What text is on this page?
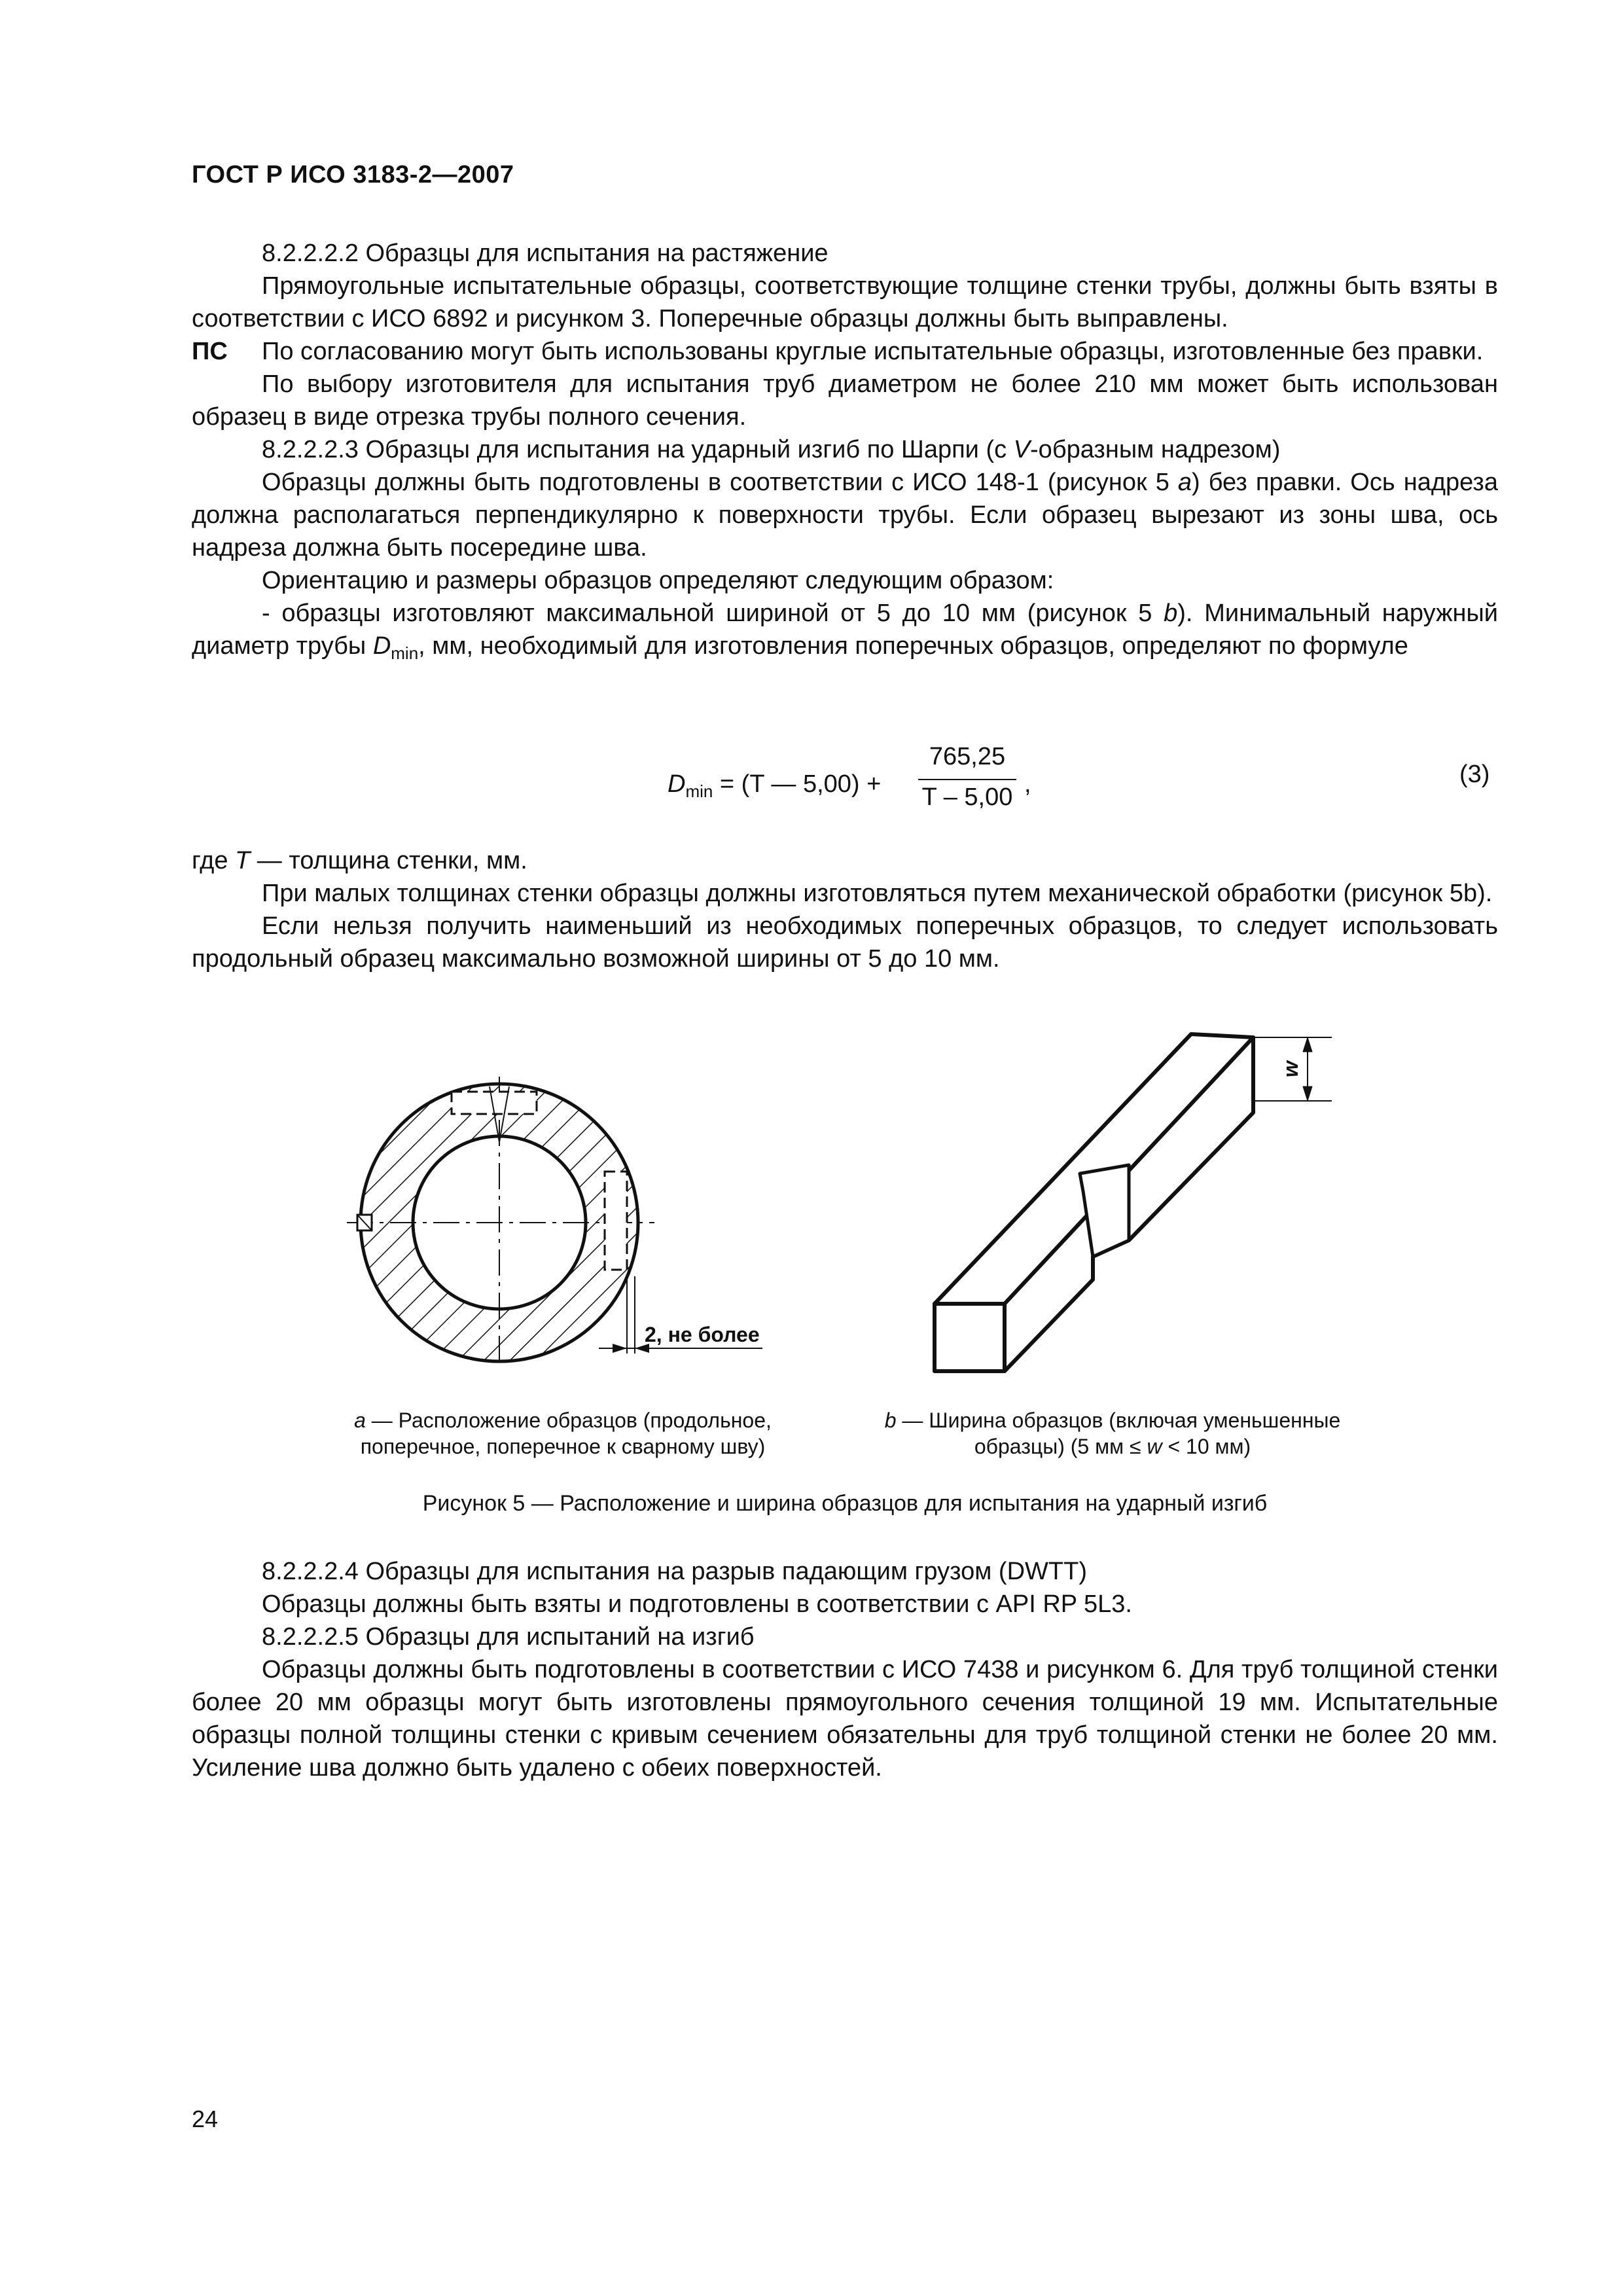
ГОСТ Р ИСО 3183-2—2007

8.2.2.2.2 Образцы для испытания на растяжение

Прямоугольные испытательные образцы, соответствующие толщине стенки трубы, должны быть взяты в соответствии с ИСО 6892 и рисунком 3. Поперечные образцы должны быть выправлены.

ПС По согласованию могут быть использованы круглые испытательные образцы, изготовленные без правки.

По выбору изготовителя для испытания труб диаметром не более 210 мм может быть использован образец в виде отрезка трубы полного сечения.

8.2.2.2.3 Образцы для испытания на ударный изгиб по Шарпи (с V-образным надрезом)

Образцы должны быть подготовлены в соответствии с ИСО 148-1 (рисунок 5 а) без правки. Ось надреза должна располагаться перпендикулярно к поверхности трубы. Если образец вырезают из зоны шва, ось надреза должна быть посередине шва.

Ориентацию и размеры образцов определяют следующим образом:

- образцы изготовляют максимальной шириной от 5 до 10 мм (рисунок 5 b). Минимальный наружный диаметр трубы $D_{min}$, мм, необходимый для изготовления поперечных образцов, определяют по формуле

$D_{min} = (T$ — 5,00) +
765,25
T – 5,00 ,	(3)

где T — толщина стенки, мм.

При малых толщинах стенки образцы должны изготовляться путем механической обработки (рисунок 5b).

Если нельзя получить наименьший из необходимых поперечных образцов, то следует использовать продольный образец максимально возможной ширины от 5 до 10 мм.

2, не более
w
а — Расположение образцов (продольное, поперечное, поперечное к сварному шву)
b — Ширина образцов (включая уменьшенные образцы) (5 мм ≤ w < 10 мм)
Рисунок 5 — Расположение и ширина образцов для испытания на ударный изгиб

8.2.2.2.4 Образцы для испытания на разрыв падающим грузом (DWTT)

Образцы должны быть взяты и подготовлены в соответствии с API RP 5L3.

8.2.2.2.5 Образцы для испытаний на изгиб

Образцы должны быть подготовлены в соответствии с ИСО 7438 и рисунком 6. Для труб толщиной стенки более 20 мм образцы могут быть изготовлены прямоугольного сечения толщиной 19 мм. Испытательные образцы полной толщины стенки с кривым сечением обязательны для труб толщиной стенки не более 20 мм. Усиление шва должно быть удалено с обеих поверхностей.

24
